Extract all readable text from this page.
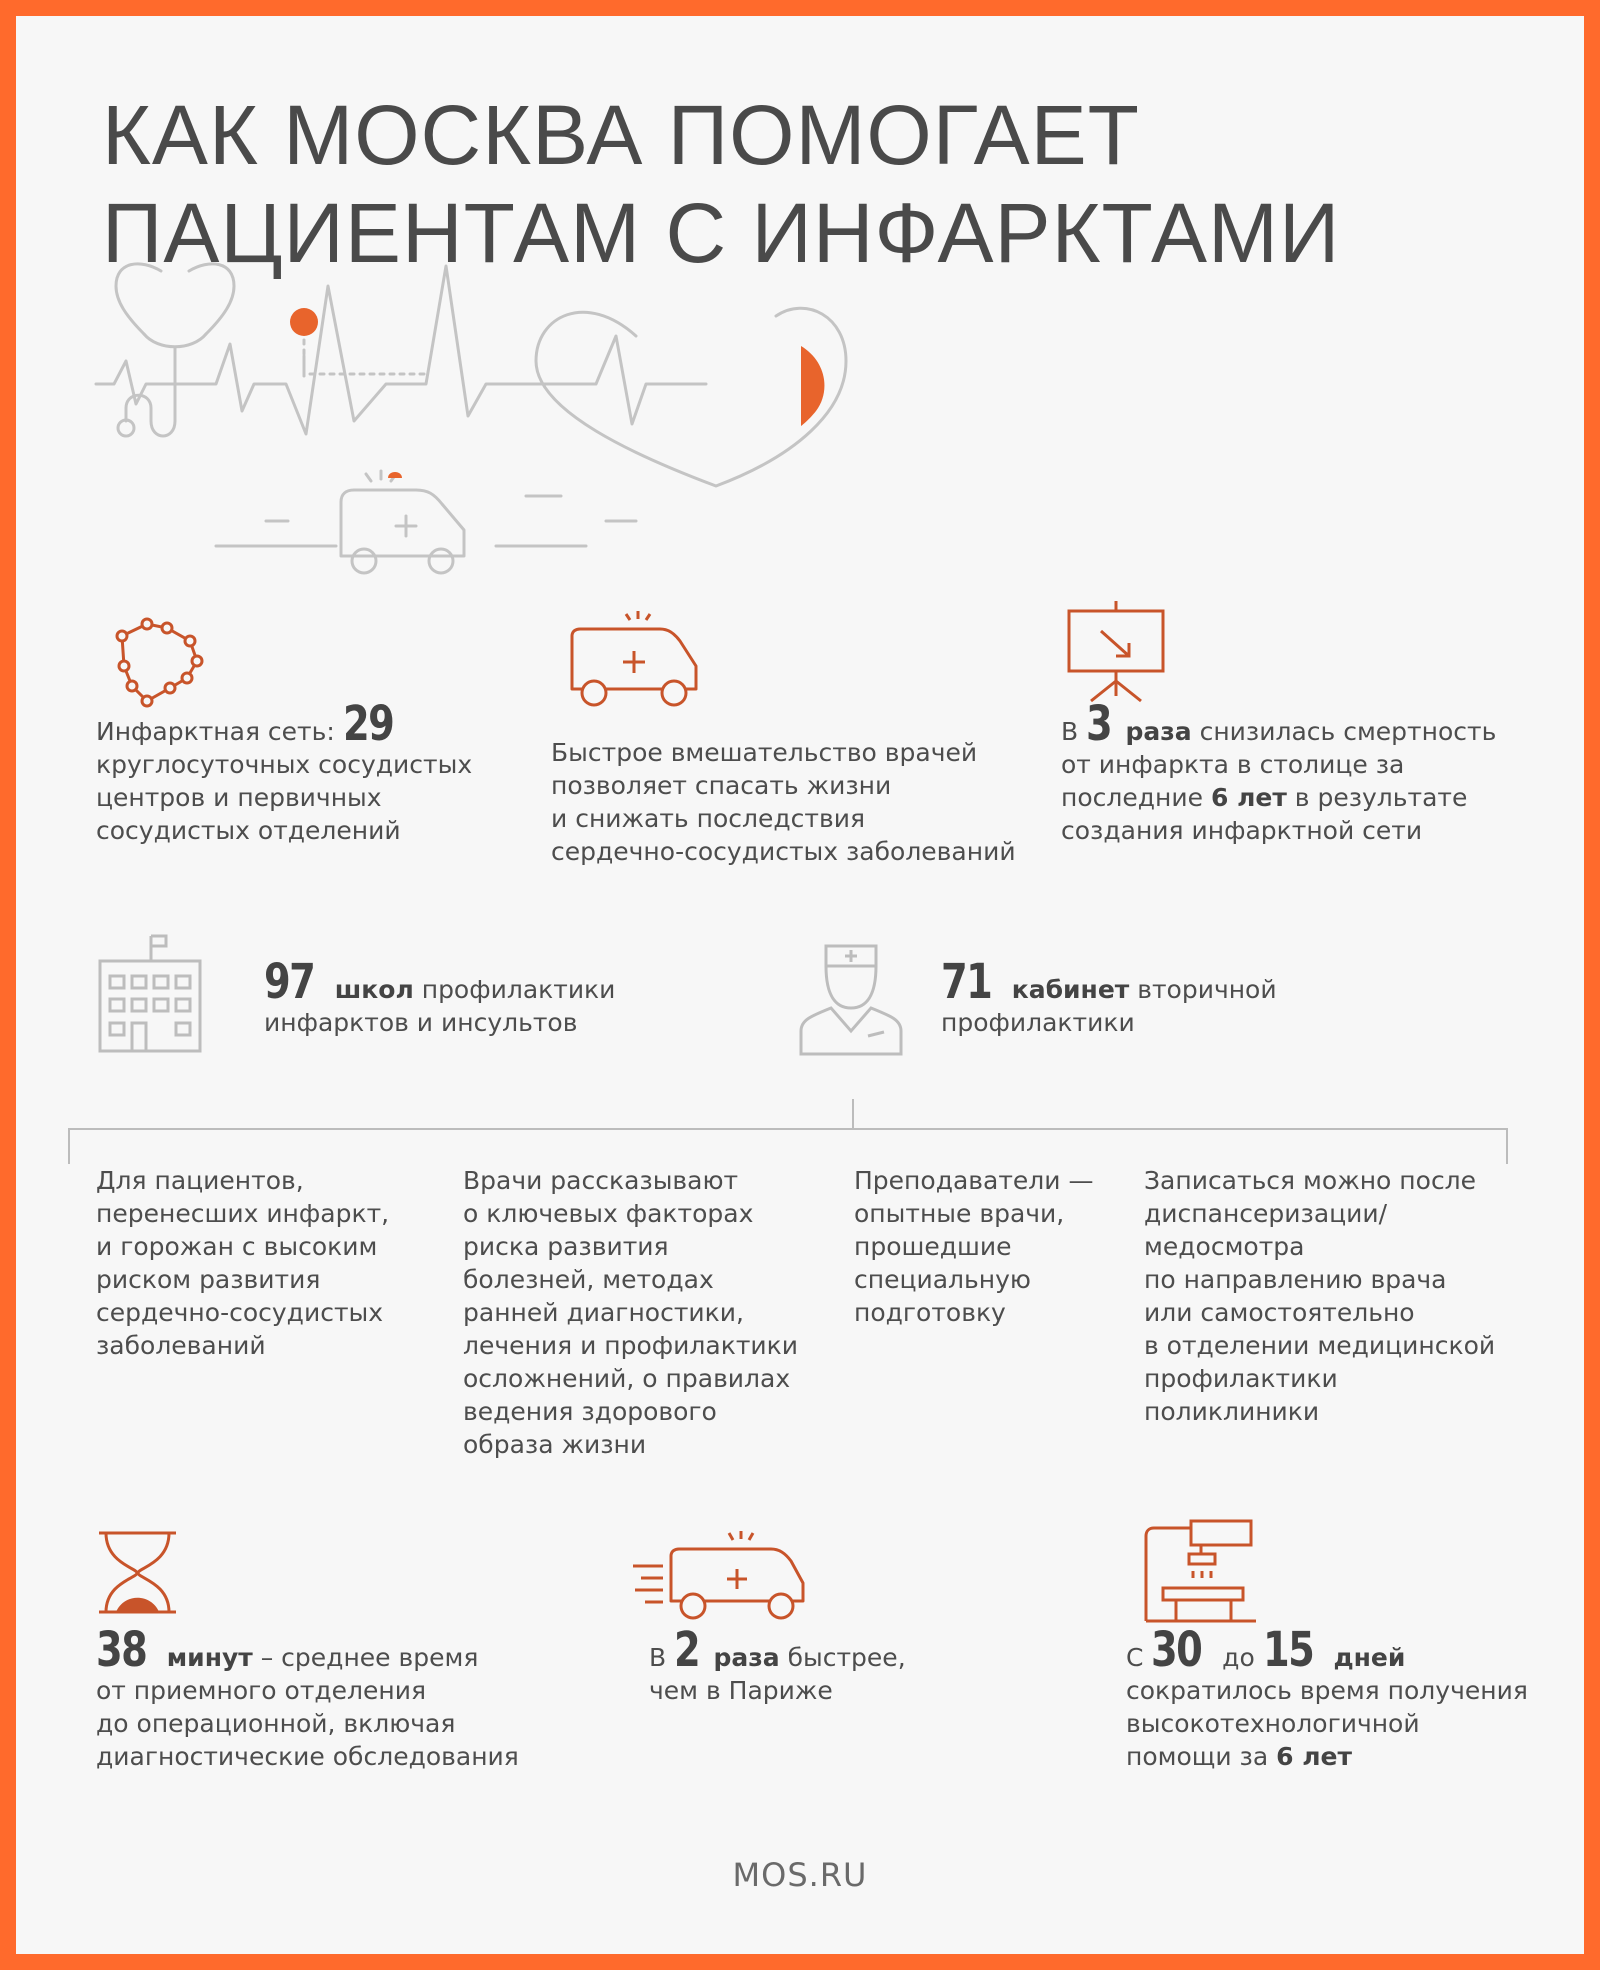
КАК МОСКВА ПОМОГАЕТ
ПАЦИЕНТАМ С ИНФАРКТАМИ
Инфарктная сеть: 29
круглосуточных сосудистых
центров и первичных
сосудистых отделений
Быстрое вмешательство врачей
позволяет спасать жизни
и снижать последствия
сердечно-сосудистых заболеваний
В 3 раза снизилась смертность
от инфаркта в столице за
последние 6 лет в результате
создания инфарктной сети
97 школ профилактики
инфарктов и инсультов
71 кабинет вторичной
профилактики
Для пациентов,
перенесших инфаркт,
и горожан с высоким
риском развития
сердечно-сосудистых
заболеваний
Врачи рассказывают
о ключевых факторах
риска развития
болезней, методах
ранней диагностики,
лечения и профилактики
осложнений, о правилах
ведения здорового
образа жизни
Преподаватели —
опытные врачи,
прошедшие
специальную
подготовку
Записаться можно после
диспансеризации/
медосмотра
по направлению врача
или самостоятельно
в отделении медицинской
профилактики
поликлиники
38 минут – среднее время
от приемного отделения
до операционной, включая
диагностические обследования
В 2 раза быстрее,
чем в Париже
С 30 до 15 дней
сократилось время получения
высокотехнологичной
помощи за 6 лет
MOS.RU
